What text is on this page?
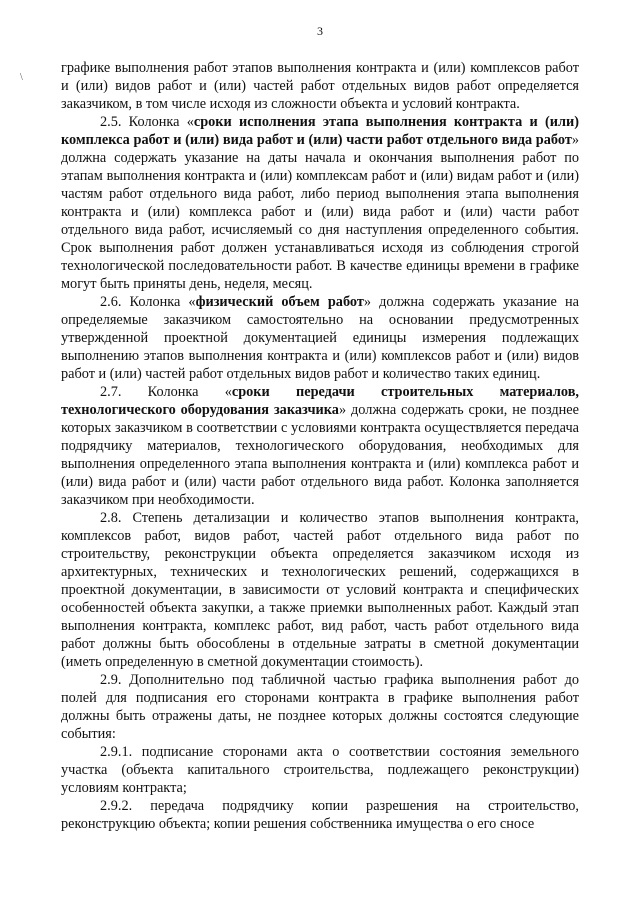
3
\

графике выполнения работ этапов выполнения контракта и (или) комплексов работ и (или) видов работ и (или) частей работ отдельных видов работ определяется заказчиком, в том числе исходя из сложности объекта и условий контракта.

2.5. Колонка «сроки исполнения этапа выполнения контракта и (или) комплекса работ и (или) вида работ и (или) части работ отдельного вида работ» должна содержать указание на даты начала и окончания выполнения работ по этапам выполнения контракта и (или) комплексам работ и (или) видам работ и (или) частям работ отдельного вида работ, либо период выполнения этапа выполнения контракта и (или) комплекса работ и (или) вида работ и (или) части работ отдельного вида работ, исчисляемый со дня наступления определенного события. Срок выполнения работ должен устанавливаться исходя из соблюдения строгой технологической последовательности работ. В качестве единицы времени в графике могут быть приняты день, неделя, месяц.

2.6. Колонка «физический объем работ» должна содержать указание на определяемые заказчиком самостоятельно на основании предусмотренных утвержденной проектной документацией единицы измерения подлежащих выполнению этапов выполнения контракта и (или) комплексов работ и (или) видов работ и (или) частей работ отдельных видов работ и количество таких единиц.

2.7. Колонка «сроки передачи строительных материалов, технологического оборудования заказчика» должна содержать сроки, не позднее которых заказчиком в соответствии с условиями контракта осуществляется передача подрядчику материалов, технологического оборудования, необходимых для выполнения определенного этапа выполнения контракта и (или) комплекса работ и (или) вида работ и (или) части работ отдельного вида работ. Колонка заполняется заказчиком при необходимости.

2.8. Степень детализации и количество этапов выполнения контракта, комплексов работ, видов работ, частей работ отдельного вида работ по строительству, реконструкции объекта определяется заказчиком исходя из архитектурных, технических и технологических решений, содержащихся в проектной документации, в зависимости от условий контракта и специфических особенностей объекта закупки, а также приемки выполненных работ. Каждый этап выполнения контракта, комплекс работ, вид работ, часть работ отдельного вида работ должны быть обособлены в отдельные затраты в сметной документации (иметь определенную в сметной документации стоимость).

2.9. Дополнительно под табличной частью графика выполнения работ до полей для подписания его сторонами контракта в графике выполнения работ должны быть отражены даты, не позднее которых должны состоятся следующие события:

2.9.1. подписание сторонами акта о соответствии состояния земельного участка (объекта капитального строительства, подлежащего реконструкции) условиям контракта;

2.9.2. передача подрядчику копии разрешения на строительство, реконструкцию объекта; копии решения собственника имущества о его сносе
